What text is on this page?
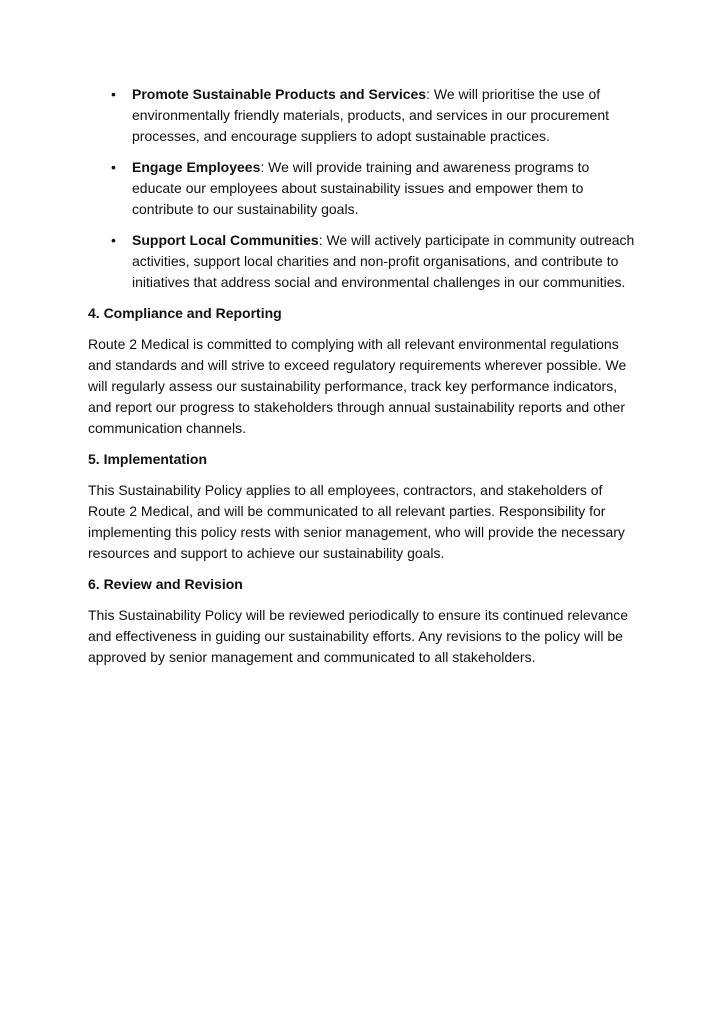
• Promote Sustainable Products and Services: We will prioritise the use of environmentally friendly materials, products, and services in our procurement processes, and encourage suppliers to adopt sustainable practices.
• Engage Employees: We will provide training and awareness programs to educate our employees about sustainability issues and empower them to contribute to our sustainability goals.
• Support Local Communities: We will actively participate in community outreach activities, support local charities and non-profit organisations, and contribute to initiatives that address social and environmental challenges in our communities.
4. Compliance and Reporting

Route 2 Medical is committed to complying with all relevant environmental regulations and standards and will strive to exceed regulatory requirements wherever possible. We will regularly assess our sustainability performance, track key performance indicators, and report our progress to stakeholders through annual sustainability reports and other communication channels.

5. Implementation

This Sustainability Policy applies to all employees, contractors, and stakeholders of Route 2 Medical, and will be communicated to all relevant parties. Responsibility for implementing this policy rests with senior management, who will provide the necessary resources and support to achieve our sustainability goals.

6. Review and Revision

This Sustainability Policy will be reviewed periodically to ensure its continued relevance and effectiveness in guiding our sustainability efforts. Any revisions to the policy will be approved by senior management and communicated to all stakeholders.
